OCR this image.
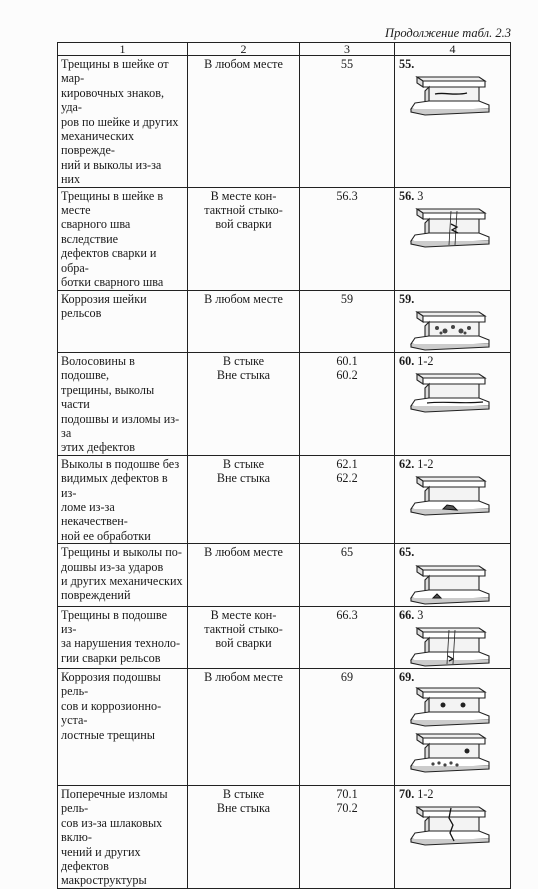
Продолжение табл. 2.3
1	2	3	4

Трещины в шейке от мар-
кировочных знаков, уда-
ров по шейке и других
механических поврежде-
ний и выколы из-за них	В любом месте	55	55.

Трещины в шейке в месте
сварного шва вследствие
дефектов сварки и обра-
ботки сварного шва	В месте кон-
тактной стыко-
вой сварки	56.3	56. 3

Коррозия шейки рельсов	В любом месте	59	59.

Волосовины в подошве,
трещины, выколы части
подошвы и изломы из-за
этих дефектов	В стыке
Вне стыка	60.1
60.2	60. 1-2

Выколы в подошве без
видимых дефектов в из-
ломе из-за некачествен-
ной ее обработки	В стыке
Вне стыка	62.1
62.2	62. 1-2

Трещины и выколы по-
дошвы из-за ударов
и других механических
повреждений	В любом месте	65	65.

Трещины в подошве из-
за нарушения техноло-
гии сварки рельсов	В месте кон-
тактной стыко-
вой сварки	66.3	66. 3

Коррозия подошвы рель-
сов и коррозионно-уста-
лостные трещины	В любом месте	69	69.

Поперечные изломы рель-
сов из-за шлаковых вклю-
чений и других дефектов
макроструктуры	В стыке
Вне стыка	70.1
70.2	70. 1-2
